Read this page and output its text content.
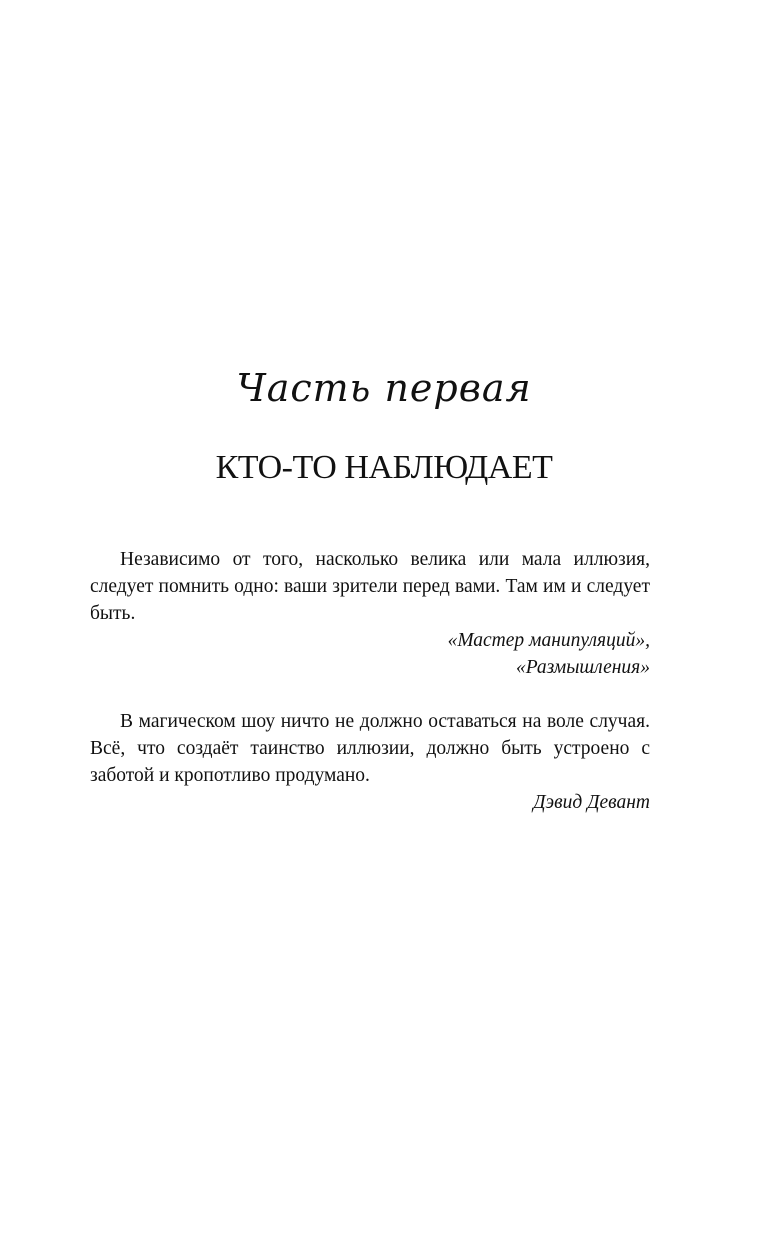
Часть первая
КТО-ТО НАБЛЮДАЕТ

Независимо от того, насколько велика или мала иллюзия, следует помнить одно: ваши зрители перед вами. Там им и следует быть.

«Мастер манипуляций»,
«Размышления»

В магическом шоу ничто не должно оставаться на воле случая. Всё, что создаёт таинство иллюзии, должно быть устроено с заботой и кропотливо продумано.

Дэвид Девант
